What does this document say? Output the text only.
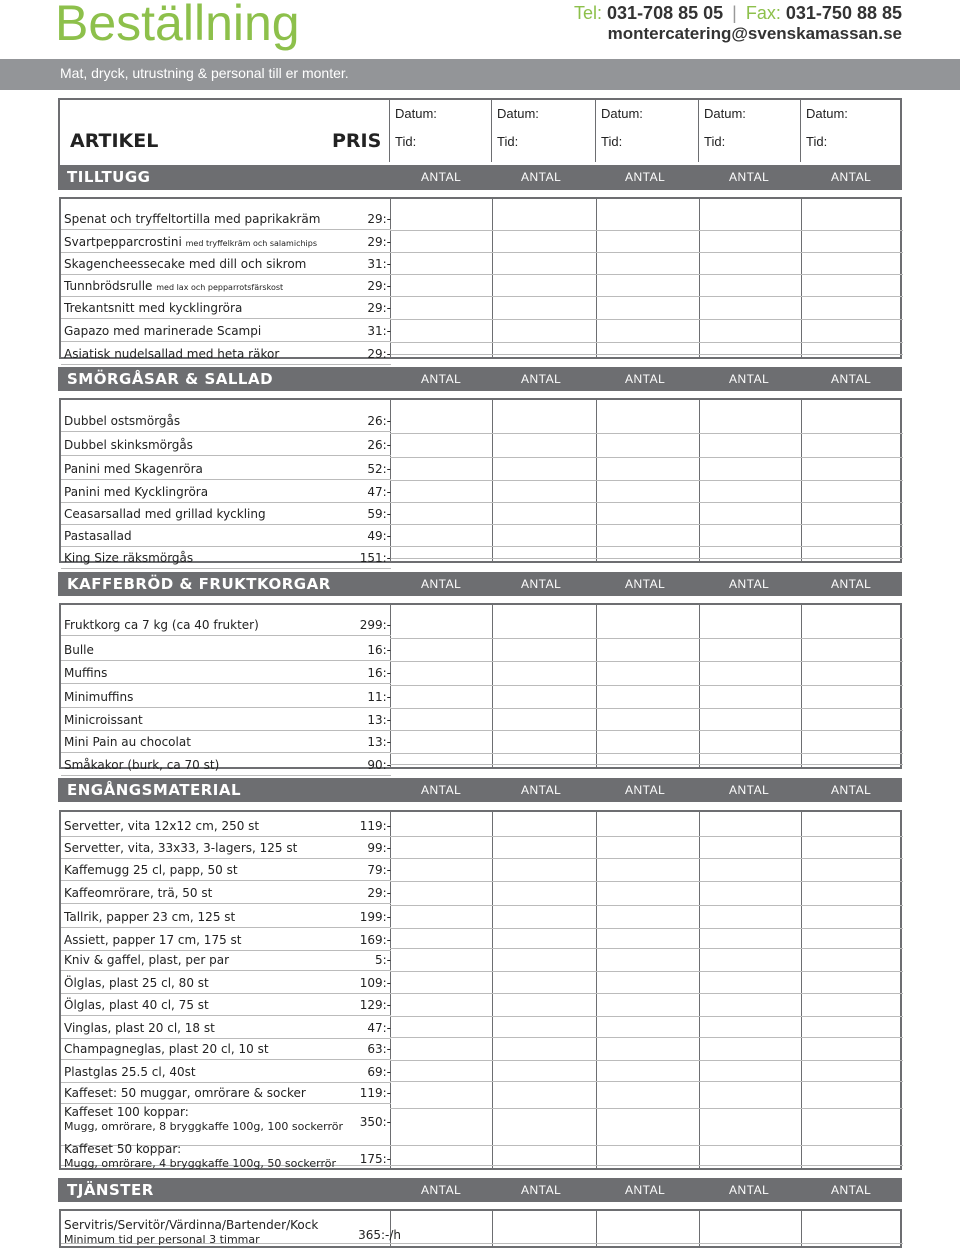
Beställning	Tel: 031-708 85 05 | Fax: 031-750 88 85
montercatering@svenskamassan.se
Mat, dryck, utrustning & personal till er monter.
ARTIKEL	PRIS
Datum:
Tid:
Datum:
Tid:
Datum:
Tid:
Datum:
Tid:
Datum:
Tid:
TILLTUGG	ANTAL	ANTAL	ANTAL	ANTAL	ANTAL
Spenat och tryffeltortilla med paprikakräm	29:-
Svartpepparcrostini med tryffelkräm och salamichips	29:-
Skagencheessecake med dill och sikrom	31:-
Tunnbrödsrulle med lax och pepparrotsfärskost	29:-
Trekantsnitt med kycklingröra	29:-
Gapazo med marinerade Scampi	31:-
Asiatisk nudelsallad med heta räkor	29:-
SMÖRGÅSAR & SALLAD	ANTAL	ANTAL	ANTAL	ANTAL	ANTAL
Dubbel ostsmörgås	26:-
Dubbel skinksmörgås	26:-
Panini med Skagenröra	52:-
Panini med Kycklingröra	47:-
Ceasarsallad med grillad kyckling	59:-
Pastasallad	49:-
King Size räksmörgås	151:-
KAFFEBRÖD & FRUKTKORGAR	ANTAL	ANTAL	ANTAL	ANTAL	ANTAL
Fruktkorg ca 7 kg (ca 40 frukter)	299:-
Bulle	16:-
Muffins	16:-
Minimuffins	11:-
Minicroissant	13:-
Mini Pain au chocolat	13:-
Småkakor (burk, ca 70 st)	90:-
ENGÅNGSMATERIAL	ANTAL	ANTAL	ANTAL	ANTAL	ANTAL
Servetter, vita 12x12 cm, 250 st	119:-
Servetter, vita, 33x33, 3-lagers, 125 st	99:-
Kaffemugg 25 cl, papp, 50 st	79:-
Kaffeomrörare, trä, 50 st	29:-
Tallrik, papper 23 cm, 125 st	199:-
Assiett, papper 17 cm, 175 st	169:-
Kniv & gaffel, plast, per par	5:-
Ölglas, plast 25 cl, 80 st	109:-
Ölglas, plast 40 cl, 75 st	129:-
Vinglas, plast 20 cl, 18 st	47:-
Champagneglas, plast 20 cl, 10 st	63:-
Plastglas 25.5 cl, 40st	69:-
Kaffeset: 50 muggar, omrörare & socker	119:-
Kaffeset 100 koppar:
Mugg, omrörare, 8 bryggkaffe 100g, 100 sockerrör 350:-
Kaffeset 50 koppar:
Mugg, omrörare, 4 bryggkaffe 100g, 50 sockerrör 175:-
TJÄNSTER	ANTAL	ANTAL	ANTAL	ANTAL	ANTAL
Servitris/Servitör/Värdinna/Bartender/Kock
Minimum tid per personal 3 timmar	365:-/h
